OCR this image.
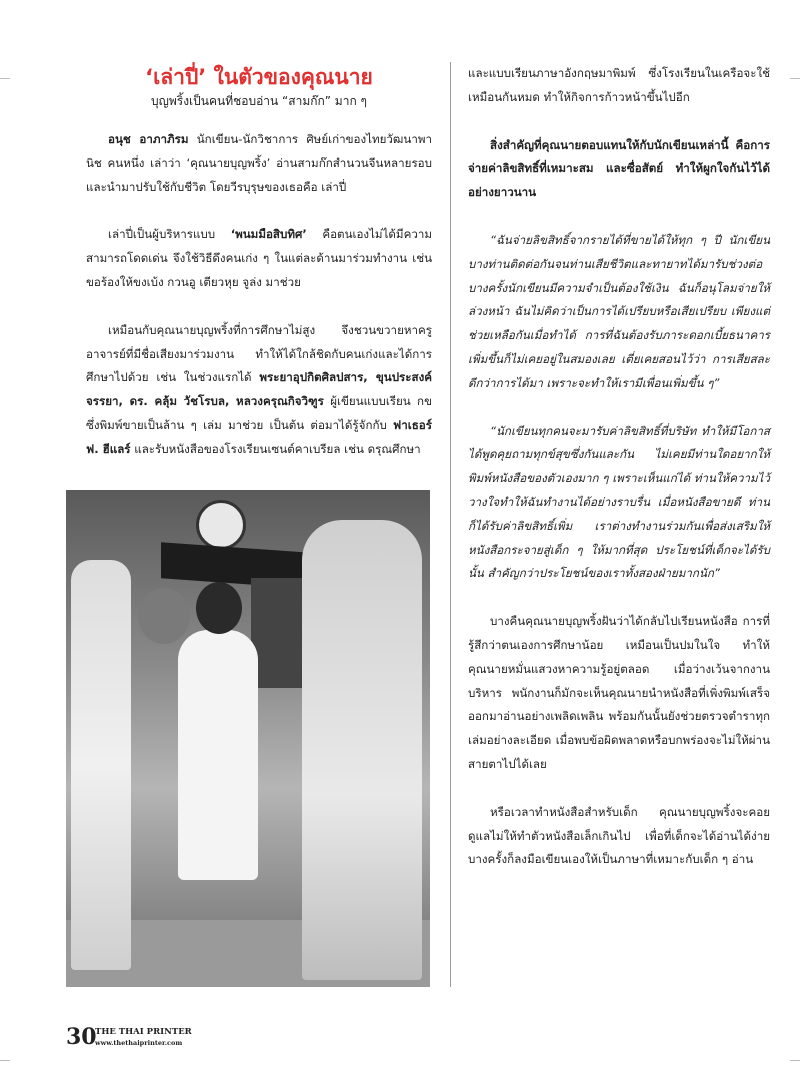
‘เล่าปี่’ ในตัวของคุณนาย
บุญพริ้งเป็นคนที่ชอบอ่าน “สามก๊ก” มาก ๆ

อนุช อาภาภิรม นักเขียน-นักวิชาการ ศิษย์เก่าของไทยวัฒนาพานิช คนหนึ่ง เล่าว่า ‘คุณนายบุญพริ้ง’ อ่านสามก๊กสำนวนจีนหลายรอบ และนำมาปรับใช้กับชีวิต โดยวีรบุรุษของเธอคือ เล่าปี่

เล่าปี่เป็นผู้บริหารแบบ ‘พนมมือสิบทิศ’ คือตนเองไม่ได้มีความสามารถโดดเด่น จึงใช้วิธีดึงคนเก่ง ๆ ในแต่ละด้านมาร่วมทำงาน เช่น ขอร้องให้ขงเบ้ง กวนอู เตียวหุย จูล่ง มาช่วย

เหมือนกับคุณนายบุญพริ้งที่การศึกษาไม่สูง จึงชวนขวายหาครูอาจารย์ที่มีชื่อเสียงมาร่วมงาน ทำให้ได้ใกล้ชิดกับคนเก่งและได้การศึกษาไปด้วย เช่น ในช่วงแรกได้ พระยาอุปกิตศิลปสาร, ขุนประสงค์จรรยา, ดร. คลุ้ม วัชโรบล, หลวงครุณกิจวิฑูร ผู้เขียนแบบเรียน กข ซึ่งพิมพ์ขายเป็นล้าน ๆ เล่ม มาช่วย เป็นต้น ต่อมาได้รู้จักกับ ฟาเธอร์ ฟ. ฮีแลร์ และรับหนังสือของโรงเรียนเซนต์คาเบรียล เช่น ดรุณศึกษา

และแบบเรียนภาษาอังกฤษมาพิมพ์ ซึ่งโรงเรียนในเครือจะใช้เหมือนกันหมด ทำให้กิจการก้าวหน้าขึ้นไปอีก

สิ่งสำคัญที่คุณนายตอบแทนให้กับนักเขียนเหล่านี้ คือการจ่ายค่าลิขสิทธิ์ที่เหมาะสม และซื่อสัตย์ ทำให้ผูกใจกันไว้ได้อย่างยาวนาน

“ฉันจ่ายลิขสิทธิ์จากรายได้ที่ขายได้ให้ทุก ๆ ปี นักเขียนบางท่านติดต่อกันจนท่านเสียชีวิตและทายาทได้มารับช่วงต่อ บางครั้งนักเขียนมีความจำเป็นต้องใช้เงิน ฉันก็อนุโลมจ่ายให้ล่วงหน้า ฉันไม่คิดว่าเป็นการได้เปรียบหรือเสียเปรียบ เพียงแต่ช่วยเหลือกันเมื่อทำได้ การที่ฉันต้องรับภาระดอกเบี้ยธนาคารเพิ่มขึ้นก็ไม่เคยอยู่ในสมองเลย เตี่ยเคยสอนไว้ว่า การเสียสละดีกว่าการได้มา เพราะจะทำให้เรามีเพื่อนเพิ่มขึ้น ๆ”

“นักเขียนทุกคนจะมารับค่าลิขสิทธิ์ที่บริษัท ทำให้มีโอกาสได้พูดคุยถามทุกข์สุขซึ่งกันและกัน ไม่เคยมีท่านใดอยากให้พิมพ์หนังสือของตัวเองมาก ๆ เพราะเห็นแก่ได้ ท่านให้ความไว้วางใจทำให้ฉันทำงานได้อย่างราบรื่น เมื่อหนังสือขายดี ท่านก็ได้รับค่าลิขสิทธิ์เพิ่ม เราต่างทำงานร่วมกันเพื่อส่งเสริมให้หนังสือกระจายสู่เด็ก ๆ ให้มากที่สุด ประโยชน์ที่เด็กจะได้รับนั้น สำคัญกว่าประโยชน์ของเราทั้งสองฝ่ายมากนัก”

บางคืนคุณนายบุญพริ้งฝันว่าได้กลับไปเรียนหนังสือ การที่รู้สึกว่าตนเองการศึกษาน้อย เหมือนเป็นปมในใจ ทำให้คุณนายหมั่นแสวงหาความรู้อยู่ตลอด เมื่อว่างเว้นจากงานบริหาร พนักงานก็มักจะเห็นคุณนายนำหนังสือที่เพิ่งพิมพ์เสร็จออกมาอ่านอย่างเพลิดเพลิน พร้อมกันนั้นยังช่วยตรวจตำราทุกเล่มอย่างละเอียด เมื่อพบข้อผิดพลาดหรือบกพร่องจะไม่ให้ผ่านสายตาไปได้เลย

หรือเวลาทำหนังสือสำหรับเด็ก คุณนายบุญพริ้งจะคอยดูแลไม่ให้ทำตัวหนังสือเล็กเกินไป เพื่อที่เด็กจะได้อ่านได้ง่าย บางครั้งก็ลงมือเขียนเองให้เป็นภาษาที่เหมาะกับเด็ก ๆ อ่าน

30
THE THAI PRINTER
www.thethaiprinter.com
